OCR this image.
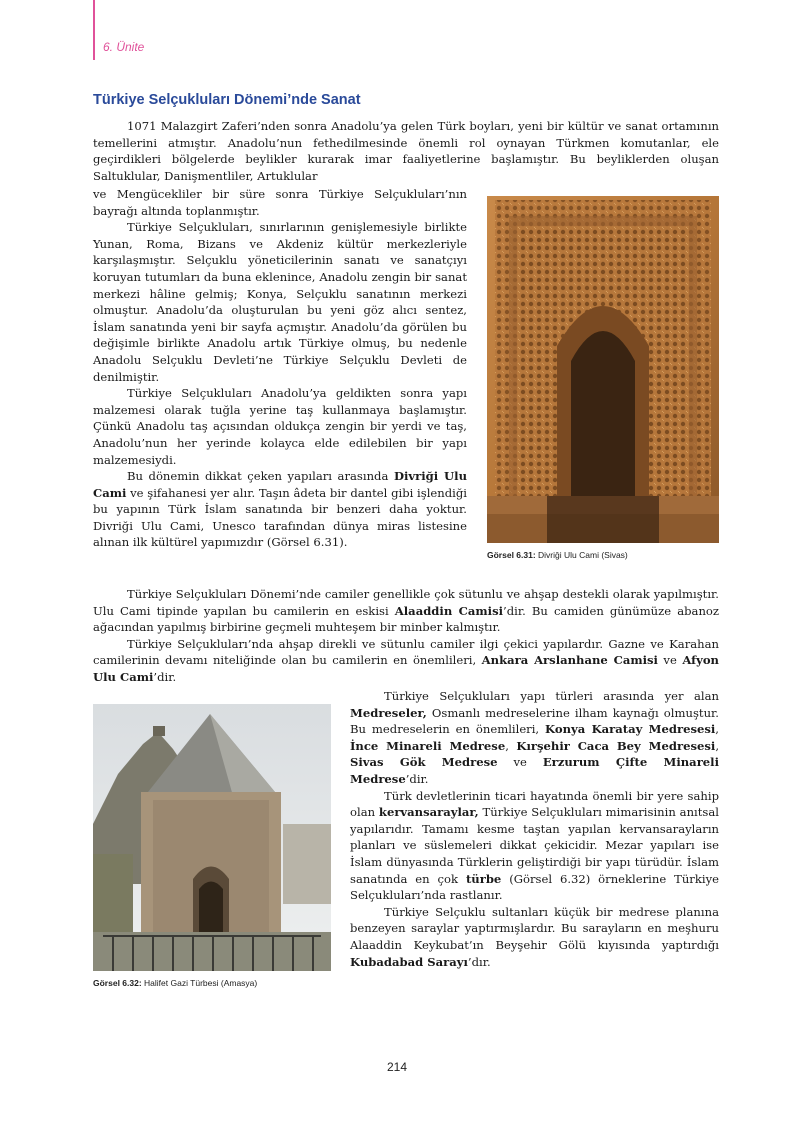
6. Ünite
Türkiye Selçukluları Dönemi’nde Sanat

1071 Malazgirt Zaferi’nden sonra Anadolu’ya gelen Türk boyları, yeni bir kültür ve sanat ortamının temellerini atmıştır. Anadolu’nun fethedilmesinde önemli rol oynayan Türkmen komutanlar, ele geçirdikleri bölgelerde beylikler kurarak imar faaliyetlerine başlamıştır. Bu beyliklerden oluşan Saltuklular, Danişmentliler, Artuklular

ve Mengücekliler bir süre sonra Türkiye Selçukluları’nın bayrağı altında toplanmıştır.

Türkiye Selçukluları, sınırlarının genişlemesiyle birlikte Yunan, Roma, Bizans ve Akdeniz kültür merkezleriyle karşılaşmıştır. Selçuklu yöneticilerinin sanatı ve sanatçıyı koruyan tutumları da buna eklenince, Anadolu zengin bir sanat merkezi hâline gelmiş; Konya, Selçuklu sanatının merkezi olmuştur. Anadolu’da oluşturulan bu yeni göz alıcı sentez, İslam sanatında yeni bir sayfa açmıştır. Anadolu’da görülen bu değişimle birlikte Anadolu artık Türkiye olmuş, bu nedenle Anadolu Selçuklu Devleti’ne Türkiye Selçuklu Devleti de denilmiştir.

Türkiye Selçukluları Anadolu’ya geldikten sonra yapı malzemesi olarak tuğla yerine taş kullanmaya başlamıştır. Çünkü Anadolu taş açısından oldukça zengin bir yerdi ve taş, Anadolu’nun her yerinde kolayca elde edilebilen bir yapı malzemesiydi.

Bu dönemin dikkat çeken yapıları arasında Divriği Ulu Cami ve şifahanesi yer alır. Taşın âdeta bir dantel gibi işlendiği bu yapının Türk İslam sanatında bir benzeri daha yoktur. Divriği Ulu Cami, Unesco tarafından dünya miras listesine alınan ilk kültürel yapımızdır (Görsel 6.31).

Görsel 6.31: Divriği Ulu Cami (Sivas)

Türkiye Selçukluları Dönemi’nde camiler genellikle çok sütunlu ve ahşap destekli olarak yapılmıştır. Ulu Cami tipinde yapılan bu camilerin en eskisi Alaaddin Camisi’dir. Bu camiden günümüze abanoz ağacından yapılmış birbirine geçmeli muhteşem bir minber kalmıştır.

Türkiye Selçukluları’nda ahşap direkli ve sütunlu camiler ilgi çekici yapılardır. Gazne ve Karahan camilerinin devamı niteliğinde olan bu camilerin en önemlileri, Ankara Arslanhane Camisi ve Afyon Ulu Cami’dir.

Görsel 6.32: Halifet Gazi Türbesi (Amasya)

Türkiye Selçukluları yapı türleri arasında yer alan Medreseler, Osmanlı medreselerine ilham kaynağı olmuştur. Bu medreselerin en önemlileri, Konya Karatay Medresesi, İnce Minareli Medrese, Kırşehir Caca Bey Medresesi, Sivas Gök Medrese ve Erzurum Çifte Minareli Medrese’dir.

Türk devletlerinin ticari hayatında önemli bir yere sahip olan kervansaraylar, Türkiye Selçukluları mimarisinin anıtsal yapılarıdır. Tamamı kesme taştan yapılan kervansarayların planları ve süslemeleri dikkat çekicidir. Mezar yapıları ise İslam dünyasında Türklerin geliştirdiği bir yapı türüdür. İslam sanatında en çok türbe (Görsel 6.32) örneklerine Türkiye Selçukluları’nda rastlanır.

Türkiye Selçuklu sultanları küçük bir medrese planına benzeyen saraylar yaptırmışlardır. Bu sarayların en meşhuru Alaaddin Keykubat’ın Beyşehir Gölü kıyısında yaptırdığı Kubadabad Sarayı’dır.

214
